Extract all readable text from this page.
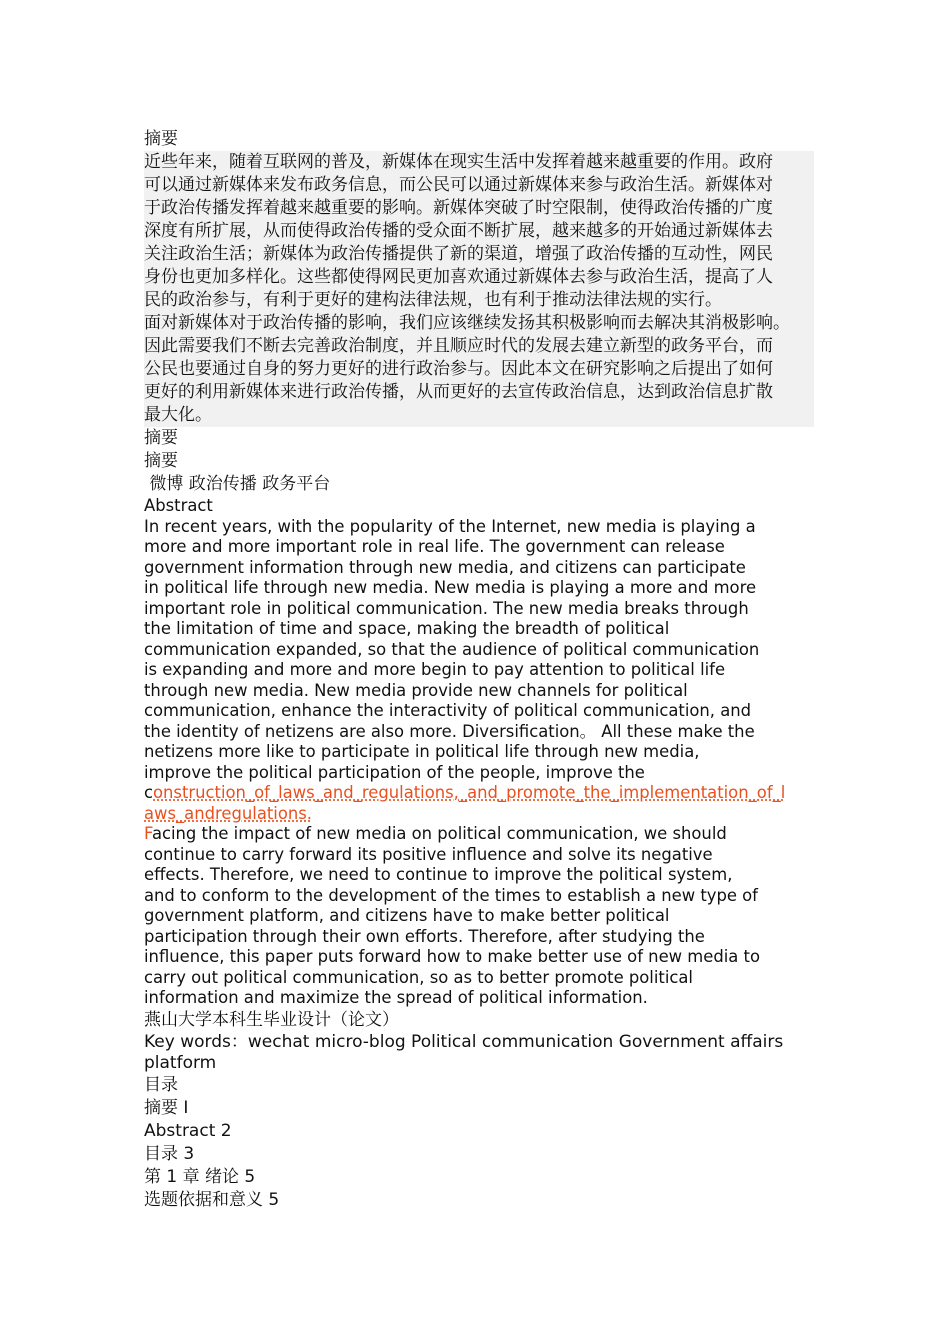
摘要
近些年来，随着互联网的普及，新媒体在现实生活中发挥着越来越重要的作用。政府
可以通过新媒体来发布政务信息，而公民可以通过新媒体来参与政治生活。新媒体对
于政治传播发挥着越来越重要的影响。新媒体突破了时空限制，使得政治传播的广度
深度有所扩展，从而使得政治传播的受众面不断扩展，越来越多的开始通过新媒体去
关注政治生活；新媒体为政治传播提供了新的渠道，增强了政治传播的互动性，网民
身份也更加多样化。这些都使得网民更加喜欢通过新媒体去参与政治生活，提高了人
民的政治参与，有利于更好的建构法律法规，也有利于推动法律法规的实行。
面对新媒体对于政治传播的影响，我们应该继续发扬其积极影响而去解决其消极影响。
因此需要我们不断去完善政治制度，并且顺应时代的发展去建立新型的政务平台，而
公民也要通过自身的努力更好的进行政治参与。因此本文在研究影响之后提出了如何
更好的利用新媒体来进行政治传播，从而更好的去宣传政治信息，达到政治信息扩散
最大化。
摘要
摘要
微博 政治传播 政务平台
Abstract
In recent years, with the popularity of the Internet, new media is playing a
more and more important role in real life. The government can release
government information through new media, and citizens can participate
in political life through new media. New media is playing a more and more
important role in political communication. The new media breaks through
the limitation of time and space, making the breadth of political
communication expanded, so that the audience of political communication
is expanding and more and more begin to pay attention to political life
through new media. New media provide new channels for political
communication, enhance the interactivity of political communication, and
the identity of netizens are also more. Diversification。 All these make the
netizens more like to participate in political life through new media,
improve the political participation of the people, improve the
construction_of_laws_and_regulations,_and_promote_the_implementation_of_l
aws_andregulations.
Facing the impact of new media on political communication, we should
continue to carry forward its positive influence and solve its negative
effects. Therefore, we need to continue to improve the political system,
and to conform to the development of the times to establish a new type of
government platform, and citizens have to make better political
participation through their own efforts. Therefore, after studying the
influence, this paper puts forward how to make better use of new media to
carry out political communication, so as to better promote political
information and maximize the spread of political information.
燕山大学本科生毕业设计（论文）
Key words：wechat micro-blog Political communication Government affairs
platform
目录
摘要 I
Abstract 2
目录 3
第 1 章 绪论 5
选题依据和意义 5
